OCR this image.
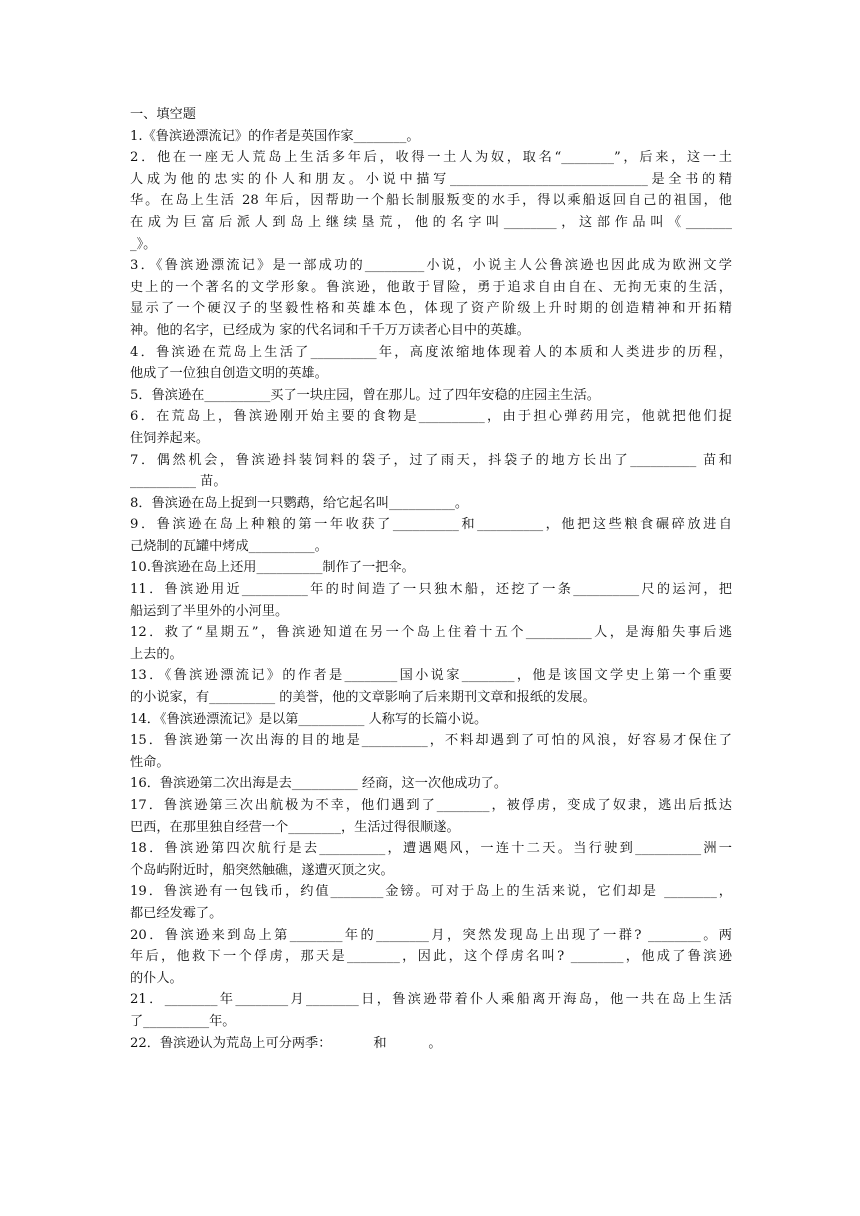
一、填空题
1.《鲁滨逊漂流记》的作者是英国作家________。
2．他在一座无人荒岛上生活多年后，收得一土人为奴，取名“________”，后来，这一土
人成为他的忠实的仆人和朋友。小说中描写______________________________是全书的精
华。在岛上生活 28 年后，因帮助一个船长制服叛变的水手，得以乘船返回自己的祖国，他
在成为巨富后派人到岛上继续垦荒，他的名字叫________，这部作品叫《_______
_》。
3．《鲁滨逊漂流记》是一部成功的_________小说，小说主人公鲁滨逊也因此成为欧洲文学
史上的一个著名的文学形象。鲁滨逊，他敢于冒险，勇于追求自由自在、无拘无束的生活，
显示了一个硬汉子的坚毅性格和英雄本色，体现了资产阶级上升时期的创造精神和开拓精
神。他的名字，已经成为 家的代名词和千千万万读者心目中的英雄。
4．鲁滨逊在荒岛上生活了__________年，高度浓缩地体现着人的本质和人类进步的历程，
他成了一位独自创造文明的英雄。
5．鲁滨逊在__________买了一块庄园，曾在那儿。过了四年安稳的庄园主生活。
6．在荒岛上，鲁滨逊刚开始主要的食物是__________，由于担心弹药用完，他就把他们捉
住饲养起来。
7．偶然机会，鲁滨逊抖装饲料的袋子，过了雨天，抖袋子的地方长出了__________ 苗和
__________ 苗。
8．鲁滨逊在岛上捉到一只鹦鹉，给它起名叫__________。
9．鲁滨逊在岛上种粮的第一年收获了__________和__________，他把这些粮食碾碎放进自
己烧制的瓦罐中烤成__________。
10.鲁滨逊在岛上还用__________制作了一把伞。
11．鲁滨逊用近__________年的时间造了一只独木船，还挖了一条__________尺的运河，把
船运到了半里外的小河里。
12．救了“星期五”，鲁滨逊知道在另一个岛上住着十五个__________人，是海船失事后逃
上去的。
13．《鲁滨逊漂流记》的作者是________国小说家________，他是该国文学史上第一个重要
的小说家，有__________ 的美誉，他的文章影响了后来期刊文章和报纸的发展。
14．《鲁滨逊漂流记》是以第__________ 人称写的长篇小说。
15．鲁滨逊第一次出海的目的地是__________，不料却遇到了可怕的风浪，好容易才保住了
性命。
16．鲁滨逊第二次出海是去__________ 经商，这一次他成功了。
17．鲁滨逊第三次出航极为不幸，他们遇到了________，被俘虏，变成了奴隶，逃出后抵达
巴西，在那里独自经营一个________，生活过得很顺遂。
18．鲁滨逊第四次航行是去__________，遭遇飓风，一连十二天。当行驶到__________洲一
个岛屿附近时，船突然触礁，遂遭灭顶之灾。
19．鲁滨逊有一包钱币，约值________金镑。可对于岛上的生活来说，它们却是 ________，
都已经发霉了。
20．鲁滨逊来到岛上第________年的________月，突然发现岛上出现了一群? ________。两
年后，他救下一个俘虏，那天是________，因此，这个俘虏名叫? ________，他成了鲁滨逊
的仆人。
21．________年________月________日，鲁滨逊带着仆人乘船离开海岛，他一共在岛上生活
了__________年。
22．鲁滨逊认为荒岛上可分两季：          和          。
